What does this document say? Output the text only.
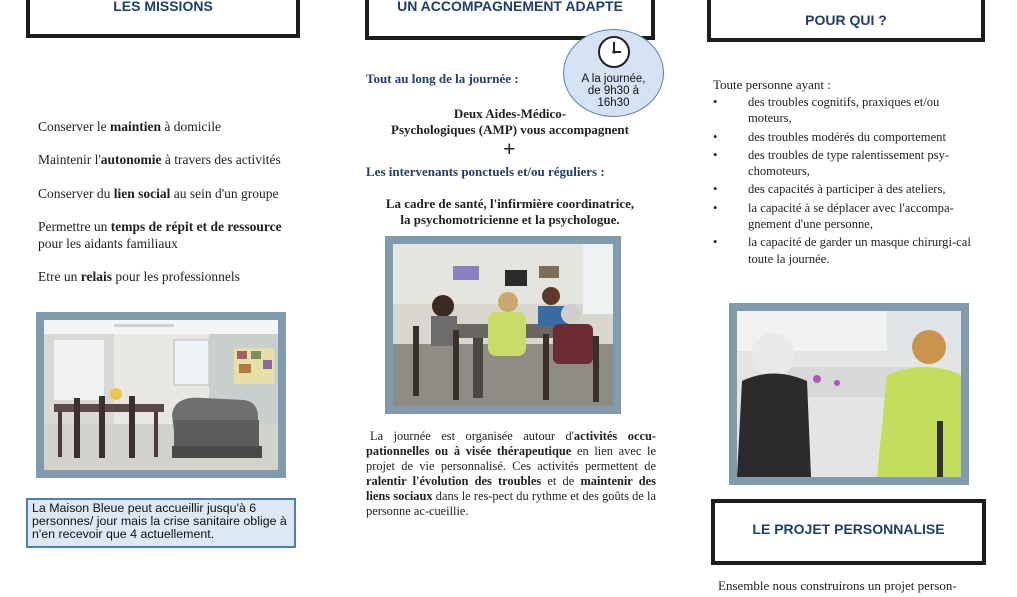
LES MISSIONS
Conserver le maintien à domicile
Maintenir l'autonomie à travers des activités
Conserver du lien social au sein d'un groupe
Permettre un temps de répit et de ressource
pour les aidants familiaux
Etre un relais pour les professionnels
La Maison Bleue peut accueillir jusqu'à 6 personnes/ jour mais la crise sanitaire oblige à n'en recevoir que 4 actuellement.
UN ACCOMPAGNEMENT ADAPTE
A la journée,
de 9h30 à
16h30
Tout au long de la journée :
Deux Aides-Médico-
Psychologiques (AMP) vous accompagnent
+
Les intervenants ponctuels et/ou réguliers :
La cadre de santé, l'infirmière coordinatrice,
la psychomotricienne et la psychologue.
La journée est organisée autour d'activités occu-pationnelles ou à visée thérapeutique en lien avec le projet de vie personnalisé. Ces activités permettent de ralentir l'évolution des troubles et de maintenir des liens sociaux dans le res-pect du rythme et des goûts de la personne ac-cueillie.
POUR QUI ?
Toute personne ayant :
• des troubles cognitifs, praxiques et/ou moteurs,
• des troubles modérés du comportement
• des troubles de type ralentissement psy-chomoteurs,
• des capacités à participer à des ateliers,
• la capacité à se déplacer avec l'accompa-gnement d'une personne,
• la capacité de garder un masque chirurgi-cal toute la journée.
LE PROJET PERSONNALISE
Ensemble nous construirons un projet person-
